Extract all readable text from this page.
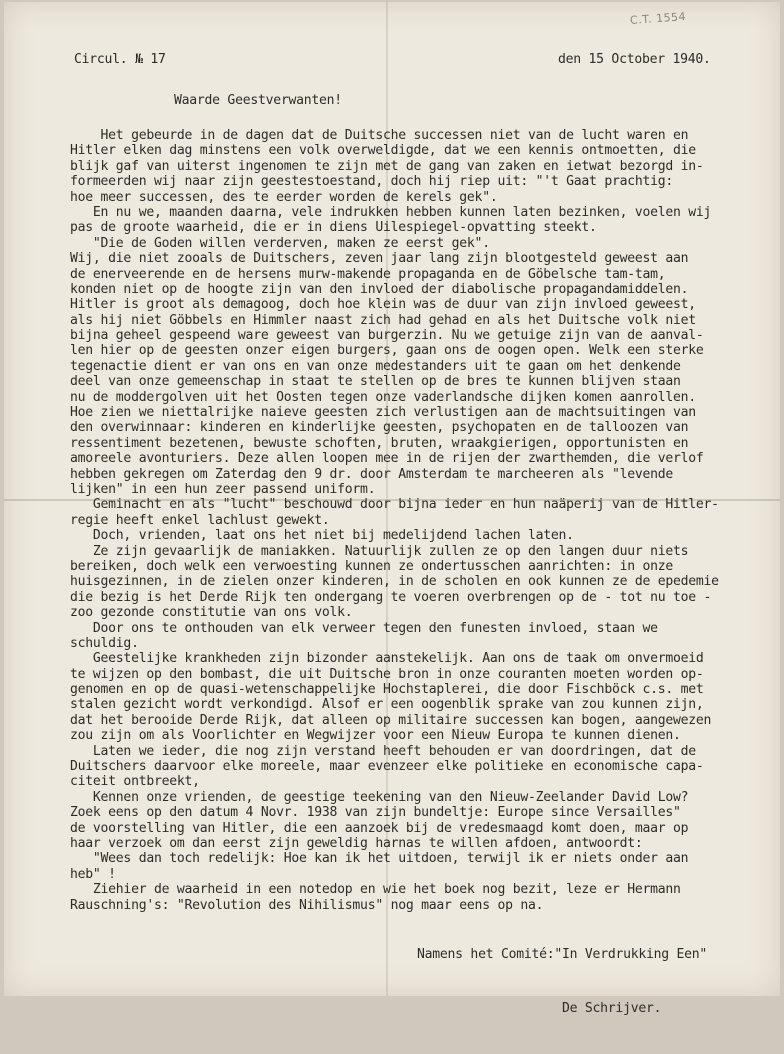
C.T. 1554
Circul. № 17	den 15 October 1940.
Waarde Geestverwanten!
Het gebeurde in de dagen dat de Duitsche successen niet van de lucht waren en
Hitler elken dag minstens een volk overweldigde, dat we een kennis ontmoetten, die
blijk gaf van uiterst ingenomen te zijn met de gang van zaken en ietwat bezorgd in-
formeerden wij naar zijn geestestoestand, doch hij riep uit: "'t Gaat prachtig:
hoe meer successen, des te eerder worden de kerels gek".
En nu we, maanden daarna, vele indrukken hebben kunnen laten bezinken, voelen wij
pas de groote waarheid, die er in diens Uilespiegel-opvatting steekt.
"Die de Goden willen verderven, maken ze eerst gek".
Wij, die niet zooals de Duitschers, zeven jaar lang zijn blootgesteld geweest aan
de enerveerende en de hersens murw-makende propaganda en de Göbelsche tam-tam,
konden niet op de hoogte zijn van den invloed der diabolische propagandamiddelen.
Hitler is groot als demagoog, doch hoe klein was de duur van zijn invloed geweest,
als hij niet Göbbels en Himmler naast zich had gehad en als het Duitsche volk niet
bijna geheel gespeend ware geweest van burgerzin. Nu we getuige zijn van de aanval-
len hier op de geesten onzer eigen burgers, gaan ons de oogen open. Welk een sterke
tegenactie dient er van ons en van onze medestanders uit te gaan om het denkende
deel van onze gemeenschap in staat te stellen op de bres te kunnen blijven staan
nu de moddergolven uit het Oosten tegen onze vaderlandsche dijken komen aanrollen.
Hoe zien we niettalrijke naieve geesten zich verlustigen aan de machtsuitingen van
den overwinnaar: kinderen en kinderlijke geesten, psychopaten en de talloozen van
ressentiment bezetenen, bewuste schoften, bruten, wraakgierigen, opportunisten en
amoreele avonturiers. Deze allen loopen mee in de rijen der zwarthemden, die verlof
hebben gekregen om Zaterdag den 9 dr. door Amsterdam te marcheeren als "levende
lijken" in een hun zeer passend uniform.
Geminacht en als "lucht" beschouwd door bijna ieder en hun naäperij van de Hitler-
regie heeft enkel lachlust gewekt.
Doch, vrienden, laat ons het niet bij medelijdend lachen laten.
Ze zijn gevaarlijk de maniakken. Natuurlijk zullen ze op den langen duur niets
bereiken, doch welk een verwoesting kunnen ze ondertusschen aanrichten: in onze
huisgezinnen, in de zielen onzer kinderen, in de scholen en ook kunnen ze de epedemie
die bezig is het Derde Rijk ten ondergang te voeren overbrengen op de - tot nu toe -
zoo gezonde constitutie van ons volk.
Door ons te onthouden van elk verweer tegen den funesten invloed, staan we
schuldig.
Geestelijke krankheden zijn bizonder aanstekelijk. Aan ons de taak om onvermoeid
te wijzen op den bombast, die uit Duitsche bron in onze couranten moeten worden op-
genomen en op de quasi-wetenschappelijke Hochstaplerei, die door Fischböck c.s. met
stalen gezicht wordt verkondigd. Alsof er een oogenblik sprake van zou kunnen zijn,
dat het berooide Derde Rijk, dat alleen op militaire successen kan bogen, aangewezen
zou zijn om als Voorlichter en Wegwijzer voor een Nieuw Europa te kunnen dienen.
Laten we ieder, die nog zijn verstand heeft behouden er van doordringen, dat de
Duitschers daarvoor elke moreele, maar evenzeer elke politieke en economische capa-
citeit ontbreekt,
Kennen onze vrienden, de geestige teekening van den Nieuw-Zeelander David Low?
Zoek eens op den datum 4 Novr. 1938 van zijn bundeltje: Europe since Versailles"
de voorstelling van Hitler, die een aanzoek bij de vredesmaagd komt doen, maar op
haar verzoek om dan eerst zijn geweldig harnas te willen afdoen, antwoordt:
"Wees dan toch redelijk: Hoe kan ik het uitdoen, terwijl ik er niets onder aan
heb" !
Ziehier de waarheid in een notedop en wie het boek nog bezit, leze er Hermann
Rauschning's: "Revolution des Nihilismus" nog maar eens op na.

Namens het Comité:"In Verdrukking Een"

De Schrijver.
